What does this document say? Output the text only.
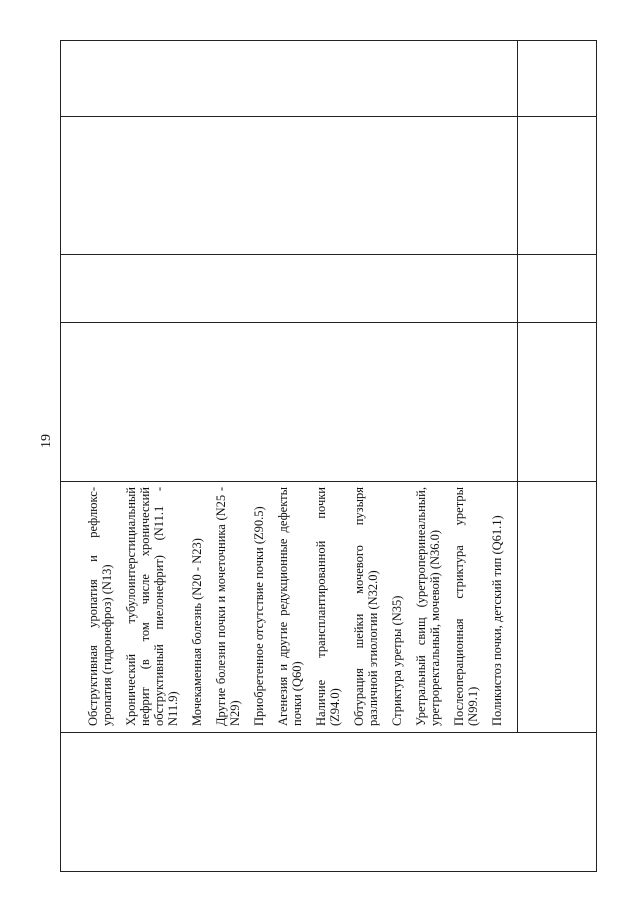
19

Обструктивная уропатия и рефлюкс-уропатия (гидронефроз) (N13) Хронический тубулоинтерстициальный нефрит (в том числе хронический обструктивный пиелонефрит) (N11.1 - N11.9) Мочекаменная болезнь (N20 - N23) Другие болезни почки и мочеточника (N25 - N29) Приобретенное отсутствие почки (Z90.5) Агенезия и другие редукционные дефекты почки (Q60) Наличие трансплантированной почки (Z94.0) Обтурация шейки мочевого пузыря различной этиологии (N32.0) Стриктура уретры (N35) Уретральный свищ (уретроперинеальный, уретроректальный, мочевой) (N36.0) Послеоперационная стриктура уретры (N99.1) Поликистоз почки, детский тип (Q61.1)
